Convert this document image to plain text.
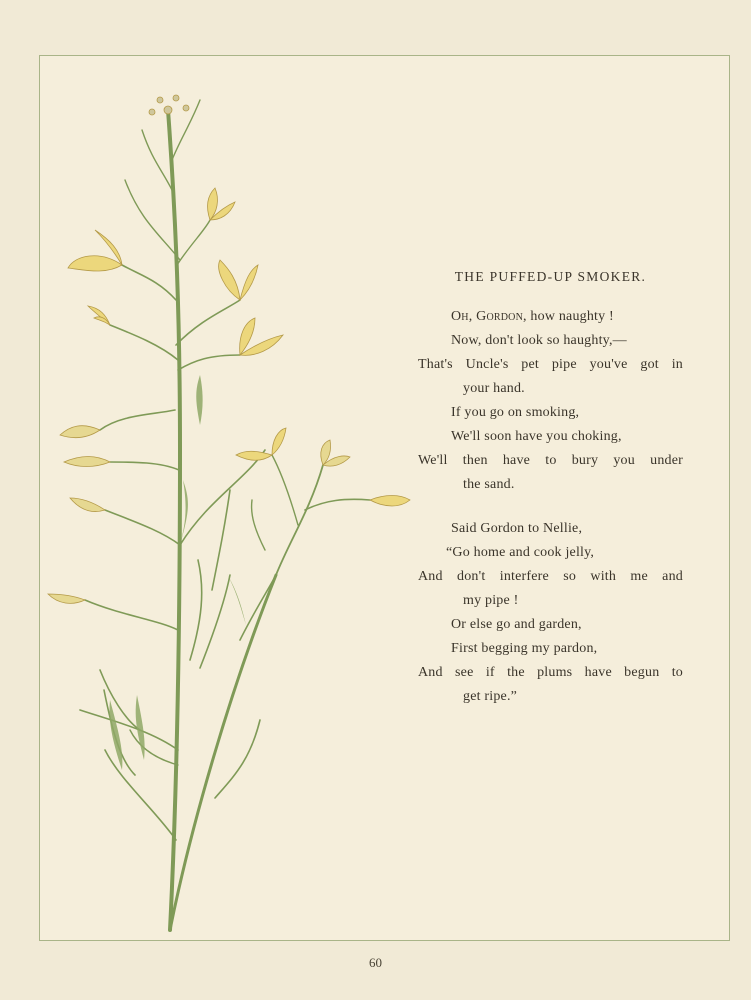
THE PUFFED-UP SMOKER.
Oh, Gordon, how naughty !
Now, don't look so haughty,—
That's Uncle's pet pipe you've got in
your hand.
If you go on smoking,
We'll soon have you choking,
We'll then have to bury you under
the sand.
Said Gordon to Nellie,
“Go home and cook jelly,
And don't interfere so with me and
my pipe !
Or else go and garden,
First begging my pardon,
And see if the plums have begun to
get ripe.”
60
